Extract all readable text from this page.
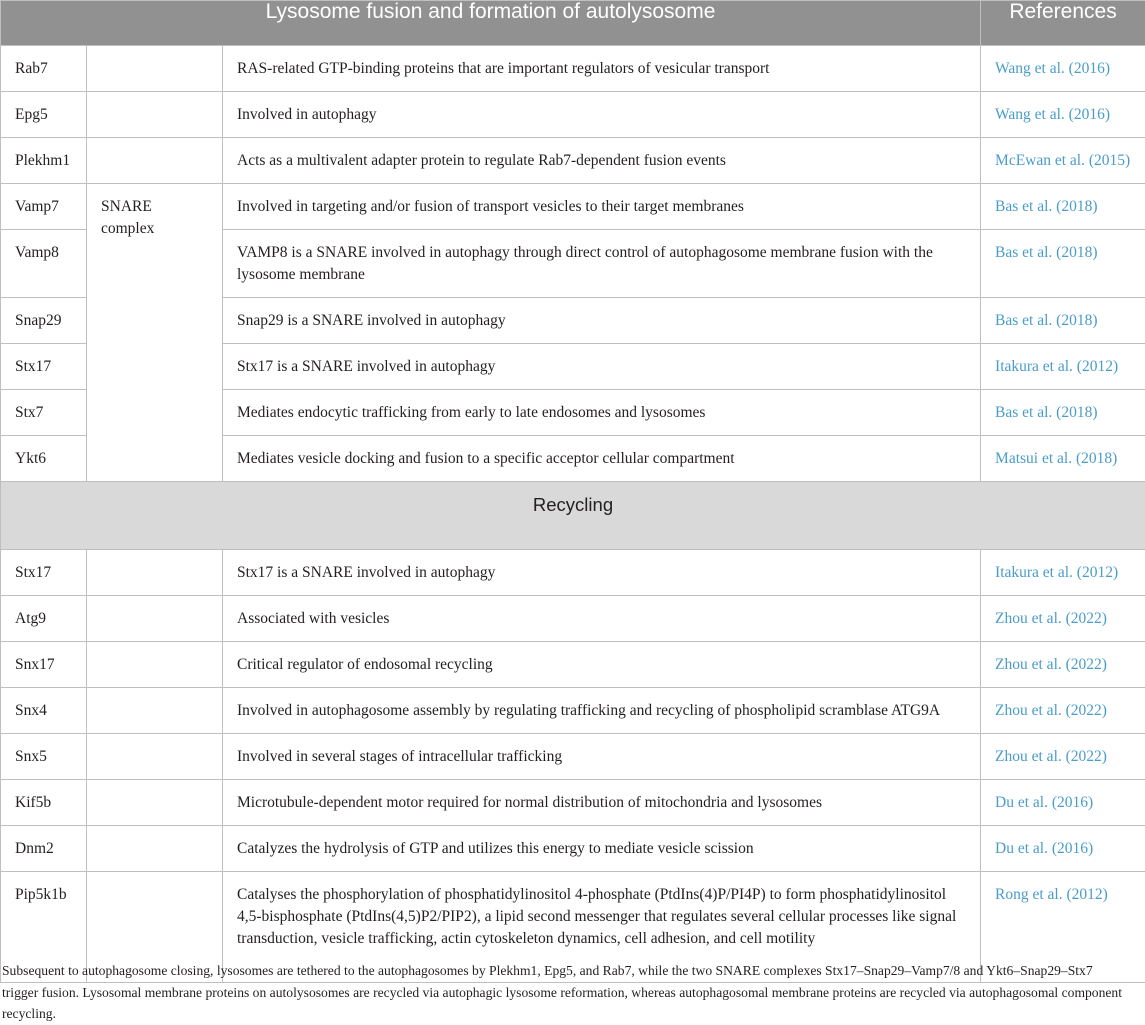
Lysosome fusion and formation of autolysosome			References
Rab7		RAS-related GTP-binding proteins that are important regulators of vesicular transport	Wang et al. (2016)
Epg5		Involved in autophagy	Wang et al. (2016)
Plekhm1		Acts as a multivalent adapter protein to regulate Rab7-dependent fusion events	McEwan et al. (2015)
Vamp7	SNARE complex	Involved in targeting and/or fusion of transport vesicles to their target membranes	Bas et al. (2018)
Vamp8		VAMP8 is a SNARE involved in autophagy through direct control of autophagosome membrane fusion with the lysosome membrane	Bas et al. (2018)
Snap29		Snap29 is a SNARE involved in autophagy	Bas et al. (2018)
Stx17		Stx17 is a SNARE involved in autophagy	Itakura et al. (2012)
Stx7		Mediates endocytic trafficking from early to late endosomes and lysosomes	Bas et al. (2018)
Ykt6		Mediates vesicle docking and fusion to a specific acceptor cellular compartment	Matsui et al. (2018)
Recycling			
Stx17		Stx17 is a SNARE involved in autophagy	Itakura et al. (2012)
Atg9		Associated with vesicles	Zhou et al. (2022)
Snx17		Critical regulator of endosomal recycling	Zhou et al. (2022)
Snx4		Involved in autophagosome assembly by regulating trafficking and recycling of phospholipid scramblase ATG9A	Zhou et al. (2022)
Snx5		Involved in several stages of intracellular trafficking	Zhou et al. (2022)
Kif5b		Microtubule-dependent motor required for normal distribution of mitochondria and lysosomes	Du et al. (2016)
Dnm2		Catalyzes the hydrolysis of GTP and utilizes this energy to mediate vesicle scission	Du et al. (2016)
Pip5k1b		Catalyses the phosphorylation of phosphatidylinositol 4-phosphate (PtdIns(4)P/PI4P) to form phosphatidylinositol 4,5-bisphosphate (PtdIns(4,5)P2/PIP2), a lipid second messenger that regulates several cellular processes like signal transduction, vesicle trafficking, actin cytoskeleton dynamics, cell adhesion, and cell motility	Rong et al. (2012)
Subsequent to autophagosome closing, lysosomes are tethered to the autophagosomes by Plekhm1, Epg5, and Rab7, while the two SNARE complexes Stx17–Snap29–Vamp7/8 and Ykt6–Snap29–Stx7 trigger fusion. Lysosomal membrane proteins on autolysosomes are recycled via autophagic lysosome reformation, whereas autophagosomal membrane proteins are recycled via autophagosomal component recycling.
